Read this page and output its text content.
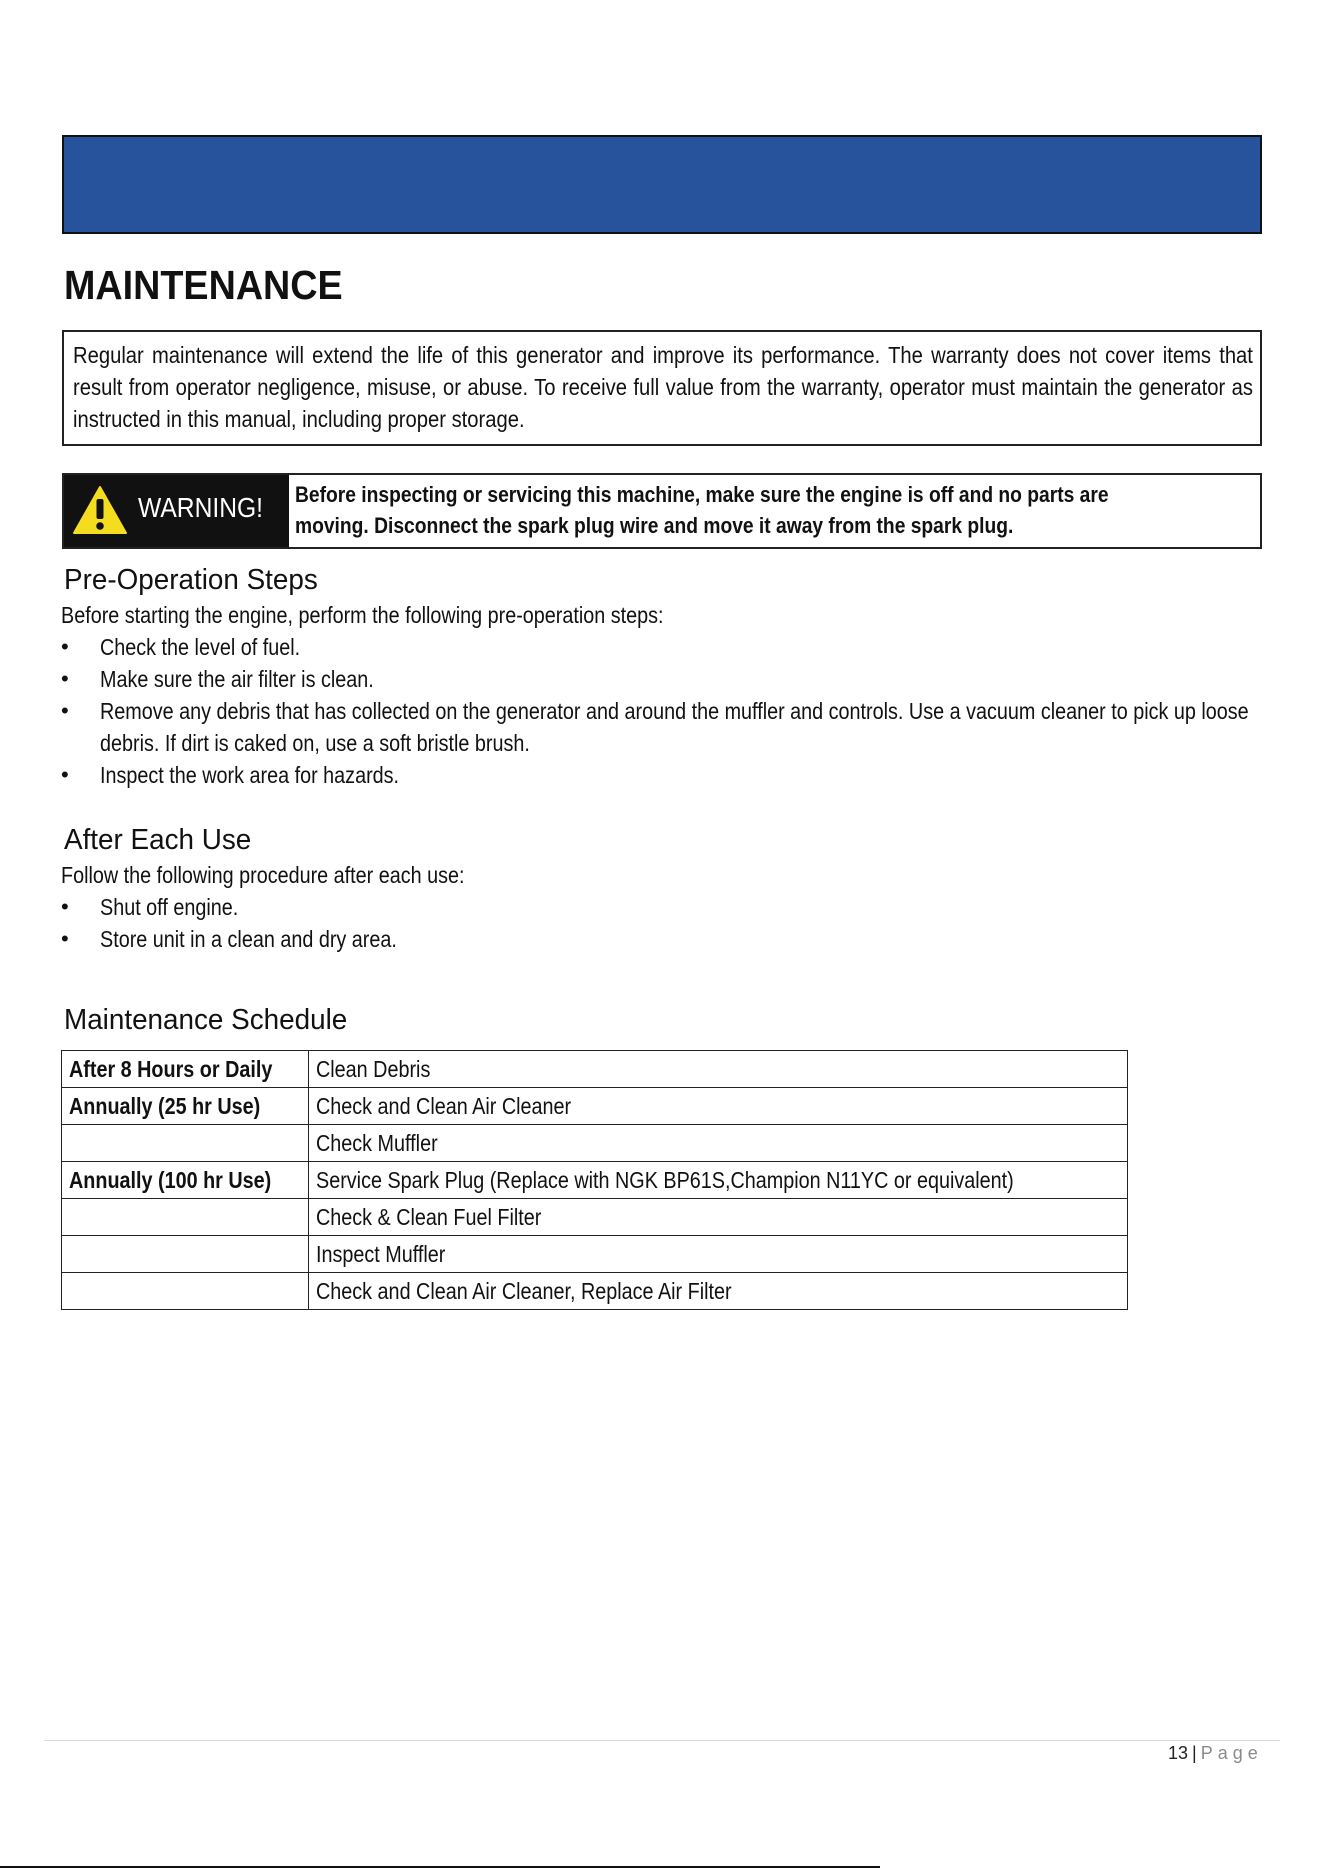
MAINTENANCE
Regular maintenance will extend the life of this generator and improve its performance. The warranty does not cover items that result from operator negligence, misuse, or abuse. To receive full value from the warranty, operator must maintain the generator as instructed in this manual, including proper storage.
WARNING! Before inspecting or servicing this machine, make sure the engine is off and no parts are
moving. Disconnect the spark plug wire and move it away from the spark plug.
Pre-Operation Steps
Before starting the engine, perform the following pre-operation steps:
• Check the level of fuel.
• Make sure the air filter is clean.
• Remove any debris that has collected on the generator and around the muffler and controls. Use a vacuum cleaner to pick up loose debris. If dirt is caked on, use a soft bristle brush.
• Inspect the work area for hazards.
After Each Use
Follow the following procedure after each use:
• Shut off engine.
• Store unit in a clean and dry area.
Maintenance Schedule
After 8 Hours or Daily	Clean Debris
Annually (25 hr Use)	Check and Clean Air Cleaner
	Check Muffler
Annually (100 hr Use)	Service Spark Plug (Replace with NGK BP61S,Champion N11YC or equivalent)
	Check & Clean Fuel Filter
	Inspect Muffler
	Check and Clean Air Cleaner, Replace Air Filter
13 | Page
